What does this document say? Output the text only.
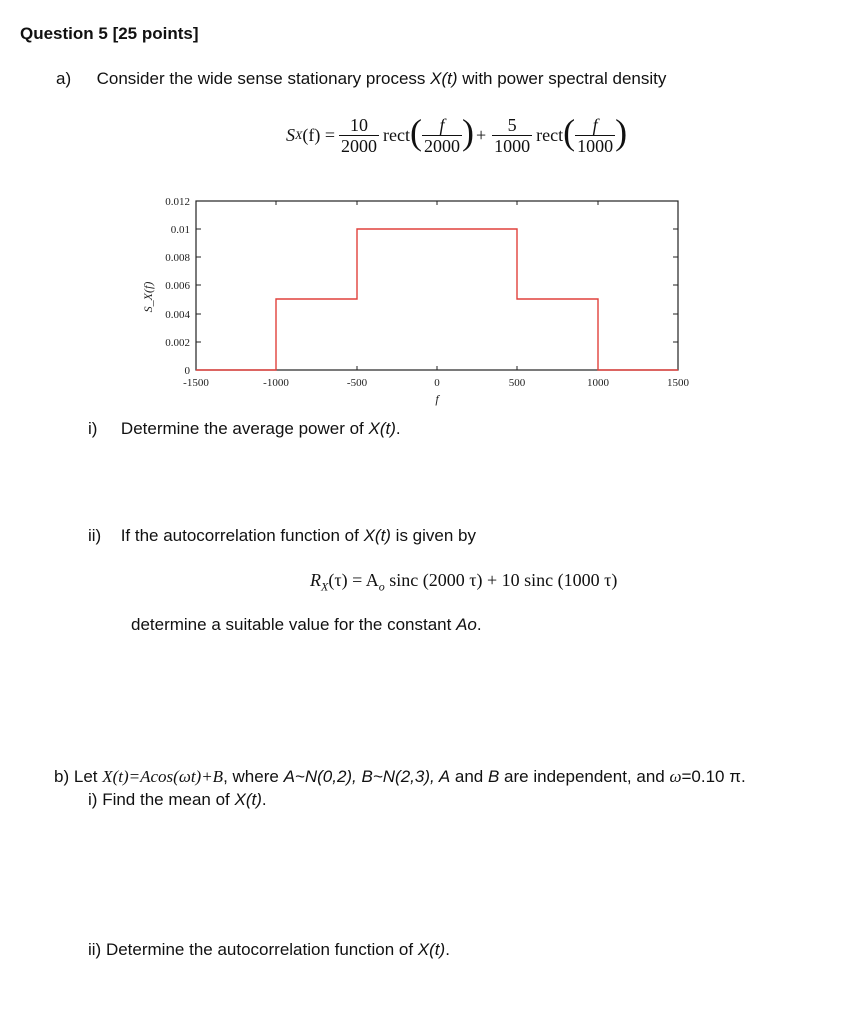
Question 5 [25 points]
a) Consider the wide sense stationary process X(t) with power spectral density
S X $(f) = \frac{10}{2000}$ rect ( $\frac{f}{2000}$ ) + $\frac{5}{1000}$ rect ( $\frac{f}{1000}$ )
0.012
0.01
0.008
0.006
0.004
0.002
0
-1500	-1000	-500	0	500	1000	1500
f
S_X(f)
i) Determine the average power of X(t).
ii) If the autocorrelation function of X(t) is given by
$R_X(\tau) = A_o$ sinc (2000 τ) + 10 sinc (1000 τ)
determine a suitable value for the constant Ao.
b) Let X(t)=Acos(ωt)+B, where A~N(0,2), B~N(2,3), A and B are independent, and ω=0.10 π.
i) Find the mean of X(t).
ii) Determine the autocorrelation function of X(t).
